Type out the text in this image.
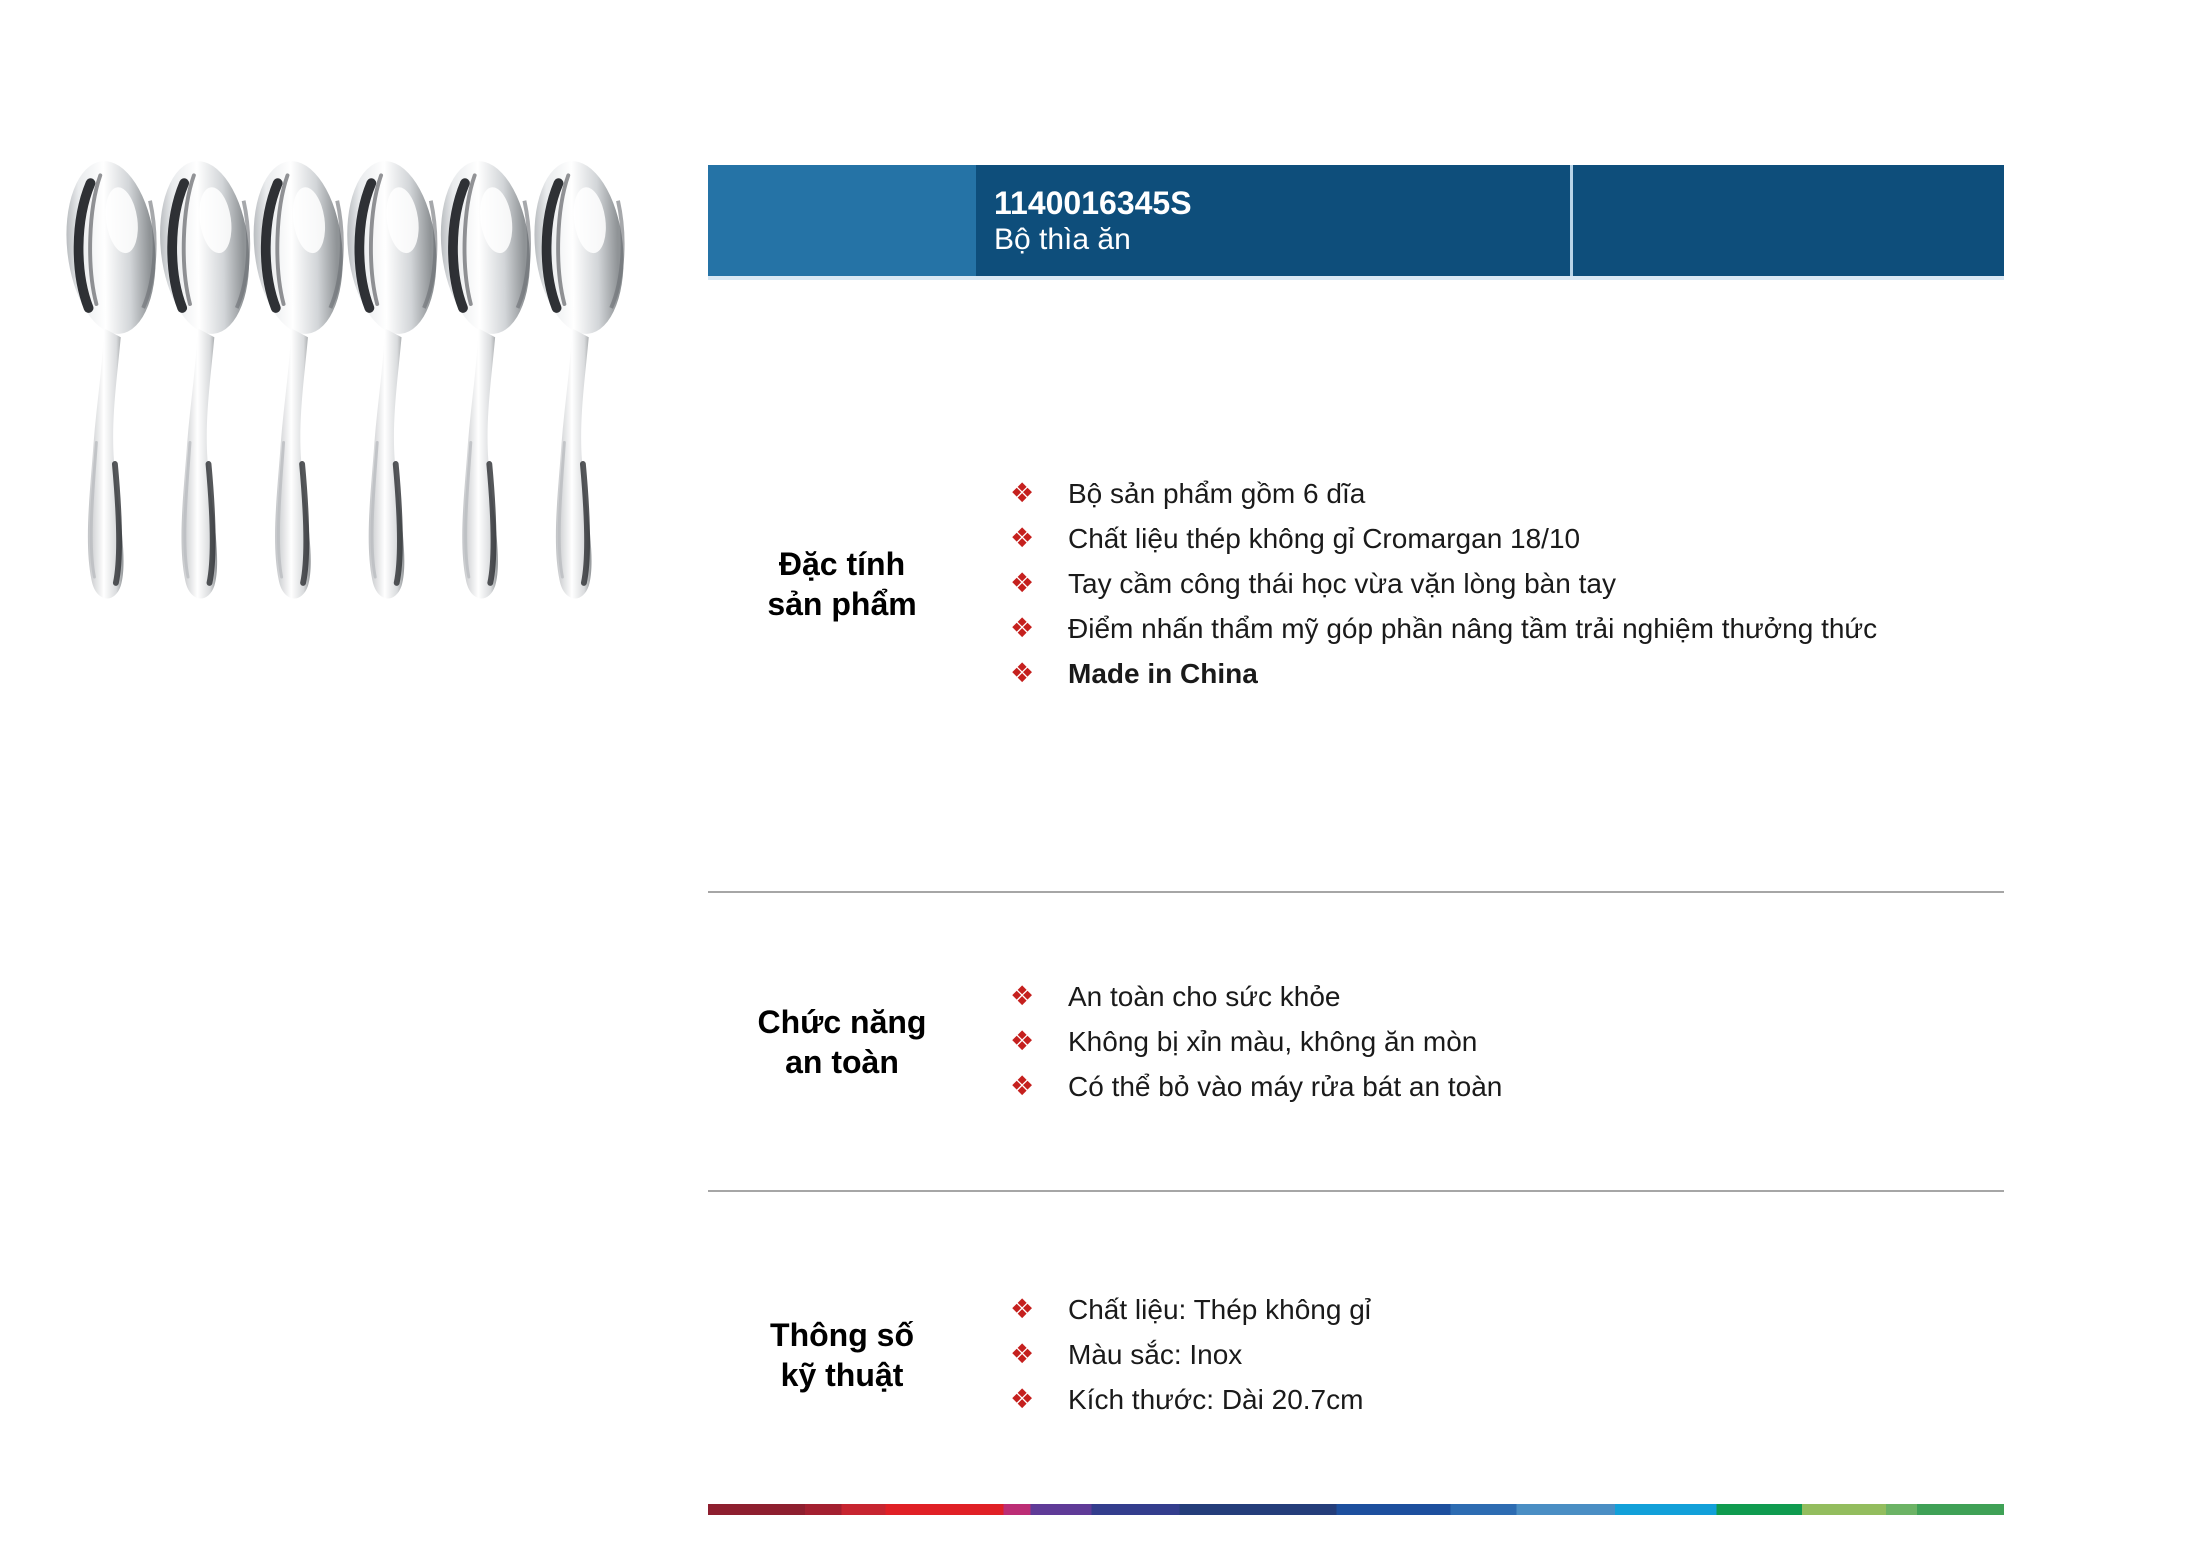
1140016345S
Bộ thìa ăn
Đặc tính
sản phẩm
❖	Bộ sản phẩm gồm 6 dĩa
❖	Chất liệu thép không gỉ Cromargan 18/10
❖	Tay cầm công thái học vừa vặn lòng bàn tay
❖	Điểm nhấn thẩm mỹ góp phần nâng tầm trải nghiệm thưởng thức
❖	Made in China
Chức năng
an toàn
❖	An toàn cho sức khỏe
❖	Không bị xỉn màu, không ăn mòn
❖	Có thể bỏ vào máy rửa bát an toàn
Thông số
kỹ thuật
❖	Chất liệu: Thép không gỉ
❖	Màu sắc: Inox
❖	Kích thước: Dài 20.7cm
